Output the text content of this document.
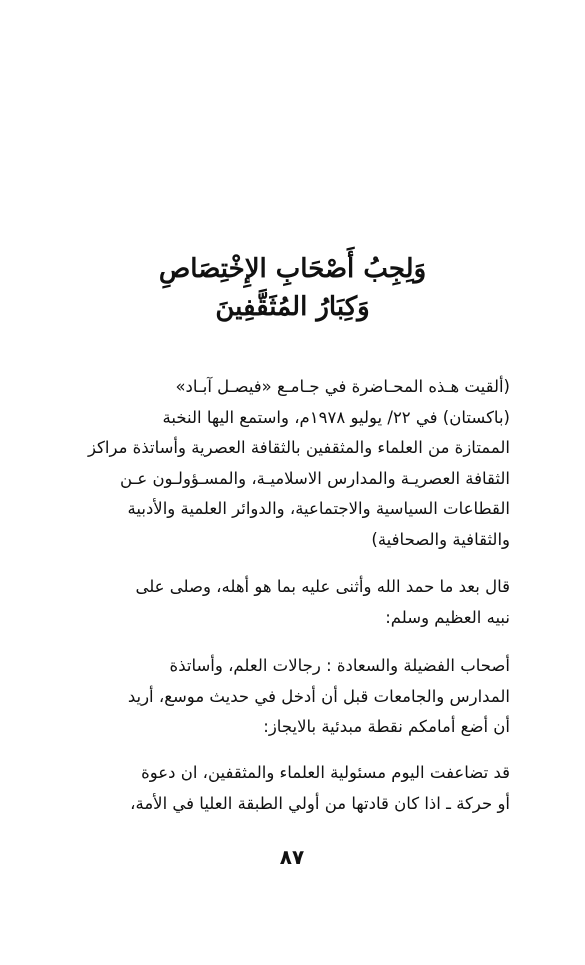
وَلِجِبُ أَصْحَابِ الإِخْتِصَاصِ
وَكِبَارُ المُثَقَّفِينَ
(ألقيت هـذه المحـاضرة في جـامـع «فيصـل آبـاد»
(باكستان) في ٢٢/ يوليو ١٩٧٨م، واستمع اليها النخبة
الممتازة من العلماء والمثقفين بالثقافة العصرية وأساتذة مراكز
الثقافة العصريـة والمدارس الاسلاميـة، والمسـؤولـون عـن
القطاعات السياسية والاجتماعية، والدوائر العلمية والأدبية
والثقافية والصحافية)
قال بعد ما حمد الله وأثنى عليه بما هو أهله، وصلى على
نبيه العظيم وسلم:
أصحاب الفضيلة والسعادة : رجالات العلم، وأساتذة
المدارس والجامعات قبل أن أدخل في حديث موسع، أريد
أن أضع أمامكم نقطة مبدئية بالايجاز:
قد تضاعفت اليوم مسئولية العلماء والمثقفين، ان دعوة
أو حركة ـ اذا كان قادتها من أولي الطبقة العليا في الأمة،
٨٧
